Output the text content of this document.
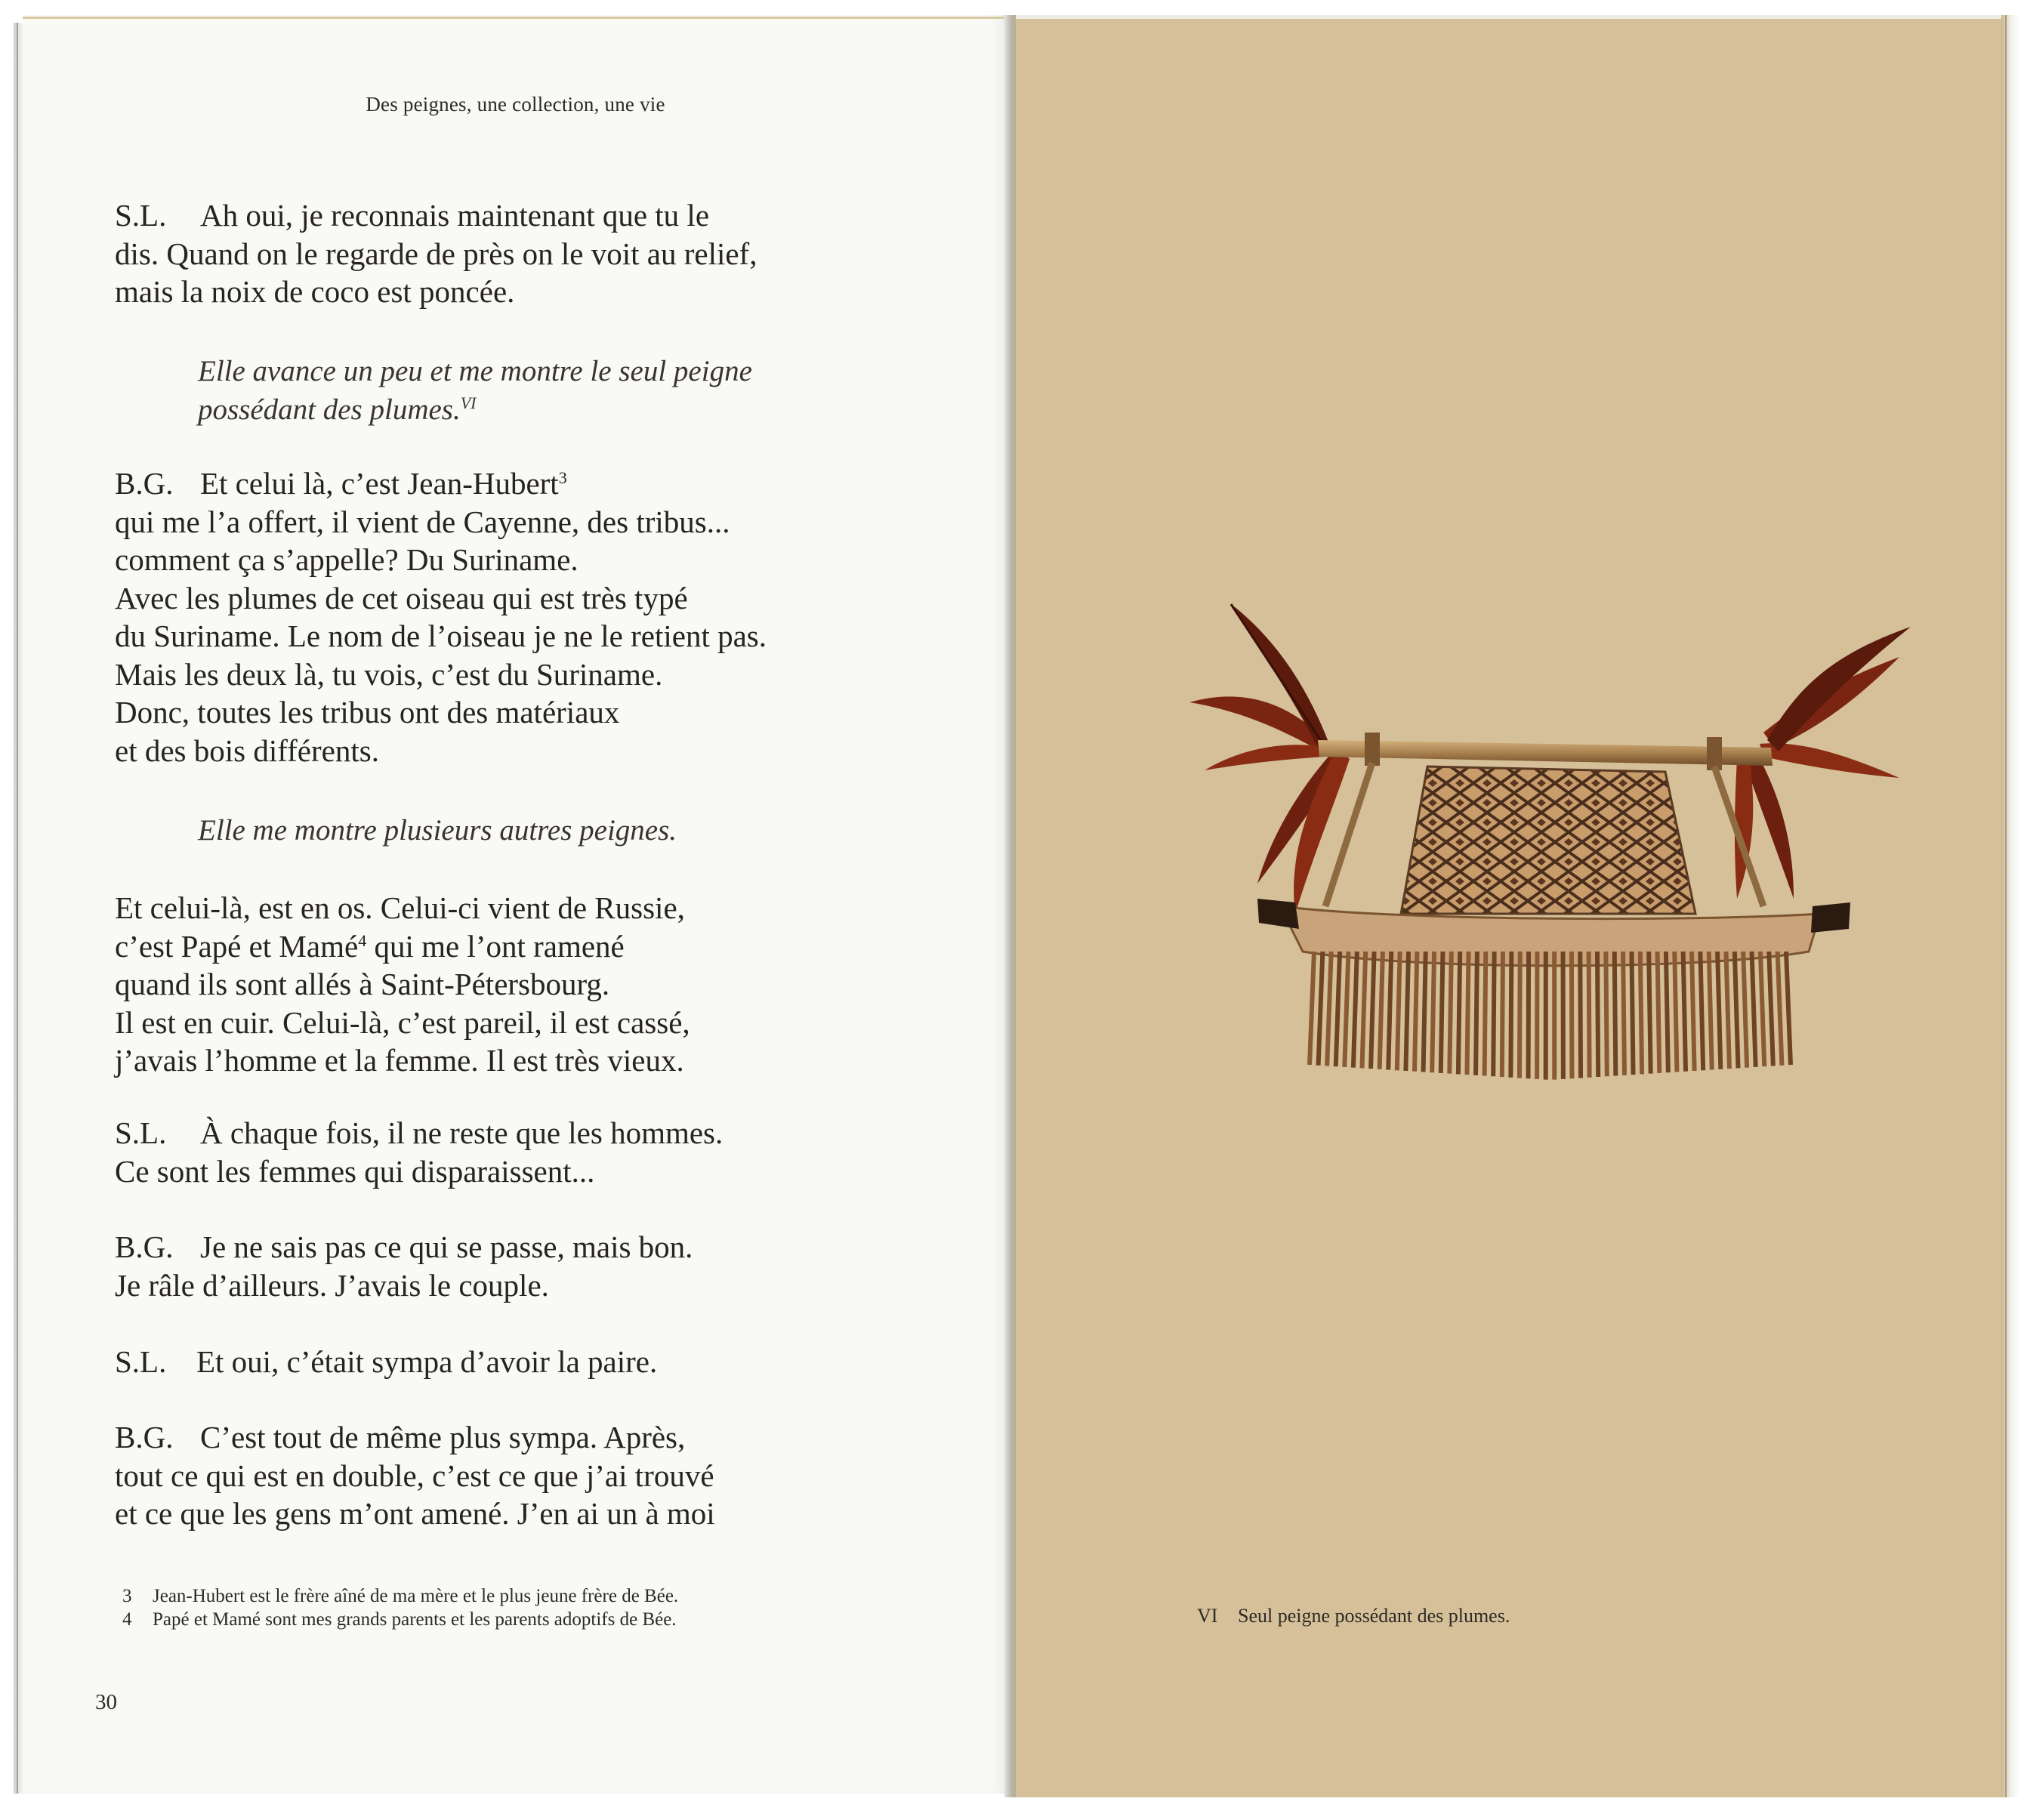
Des peignes, une collection, une vie
S.L. Ah oui, je reconnais maintenant que tu le
dis. Quand on le regarde de près on le voit au relief,
mais la noix de coco est poncée.
Elle avance un peu et me montre le seul peigne
possédant des plumes.$^{VI}$
B.G. Et celui là, c’est Jean-Hubert$^3$
qui me l’a offert, il vient de Cayenne, des tribus...
comment ça s’appelle? Du Suriname.
Avec les plumes de cet oiseau qui est très typé
du Suriname. Le nom de l’oiseau je ne le retient pas.
Mais les deux là, tu vois, c’est du Suriname.
Donc, toutes les tribus ont des matériaux
et des bois différents.
Elle me montre plusieurs autres peignes.
Et celui-là, est en os. Celui-ci vient de Russie,
c’est Papé et Mamé$^4$ qui me l’ont ramené
quand ils sont allés à Saint-Pétersbourg.
Il est en cuir. Celui-là, c’est pareil, il est cassé,
j’avais l’homme et la femme. Il est très vieux.
S.L. À chaque fois, il ne reste que les hommes.
Ce sont les femmes qui disparaissent...
B.G. Je ne sais pas ce qui se passe, mais bon.
Je râle d’ailleurs. J’avais le couple.
S.L. Et oui, c’était sympa d’avoir la paire.
B.G. C’est tout de même plus sympa. Après,
tout ce qui est en double, c’est ce que j’ai trouvé
et ce que les gens m’ont amené. J’en ai un à moi
3 Jean-Hubert est le frère aîné de ma mère et le plus jeune frère de Bée.
4 Papé et Mamé sont mes grands parents et les parents adoptifs de Bée.
30
VI Seul peigne possédant des plumes.
